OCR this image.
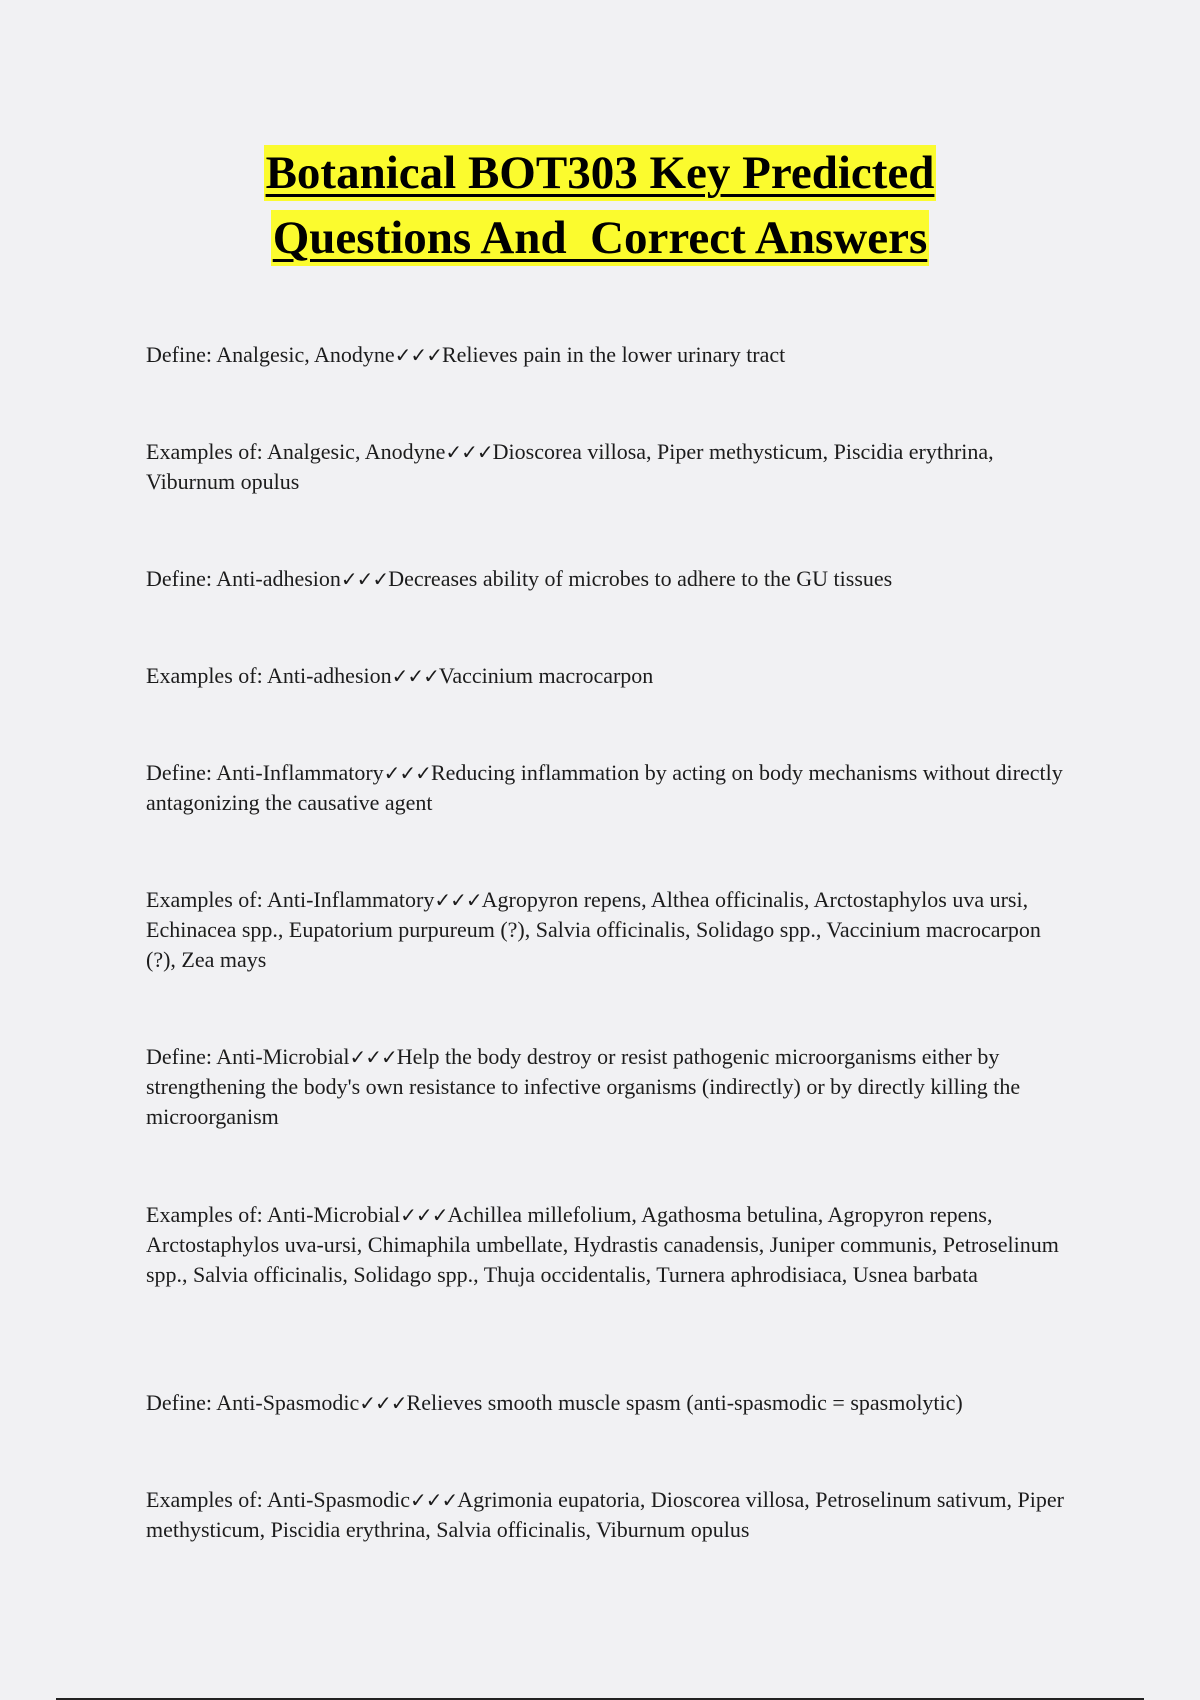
Botanical BOT303 Key Predicted
Questions And  Correct Answers
Define: Analgesic, Anodyne✓✓✓Relieves pain in the lower urinary tract
Examples of: Analgesic, Anodyne✓✓✓Dioscorea villosa, Piper methysticum, Piscidia erythrina, Viburnum opulus
Define: Anti-adhesion✓✓✓Decreases ability of microbes to adhere to the GU tissues
Examples of: Anti-adhesion✓✓✓Vaccinium macrocarpon
Define: Anti-Inflammatory✓✓✓Reducing inflammation by acting on body mechanisms without directly antagonizing the causative agent
Examples of: Anti-Inflammatory✓✓✓Agropyron repens, Althea officinalis, Arctostaphylos uva ursi, Echinacea spp., Eupatorium purpureum (?), Salvia officinalis, Solidago spp., Vaccinium macrocarpon (?), Zea mays
Define: Anti-Microbial✓✓✓Help the body destroy or resist pathogenic microorganisms either by strengthening the body's own resistance to infective organisms (indirectly) or by directly killing the microorganism
Examples of: Anti-Microbial✓✓✓Achillea millefolium, Agathosma betulina, Agropyron repens, Arctostaphylos uva-ursi, Chimaphila umbellate, Hydrastis canadensis, Juniper communis, Petroselinum spp., Salvia officinalis, Solidago spp., Thuja occidentalis, Turnera aphrodisiaca, Usnea barbata
Define: Anti-Spasmodic✓✓✓Relieves smooth muscle spasm (anti-spasmodic = spasmolytic)
Examples of: Anti-Spasmodic✓✓✓Agrimonia eupatoria, Dioscorea villosa, Petroselinum sativum, Piper methysticum, Piscidia erythrina, Salvia officinalis, Viburnum opulus
